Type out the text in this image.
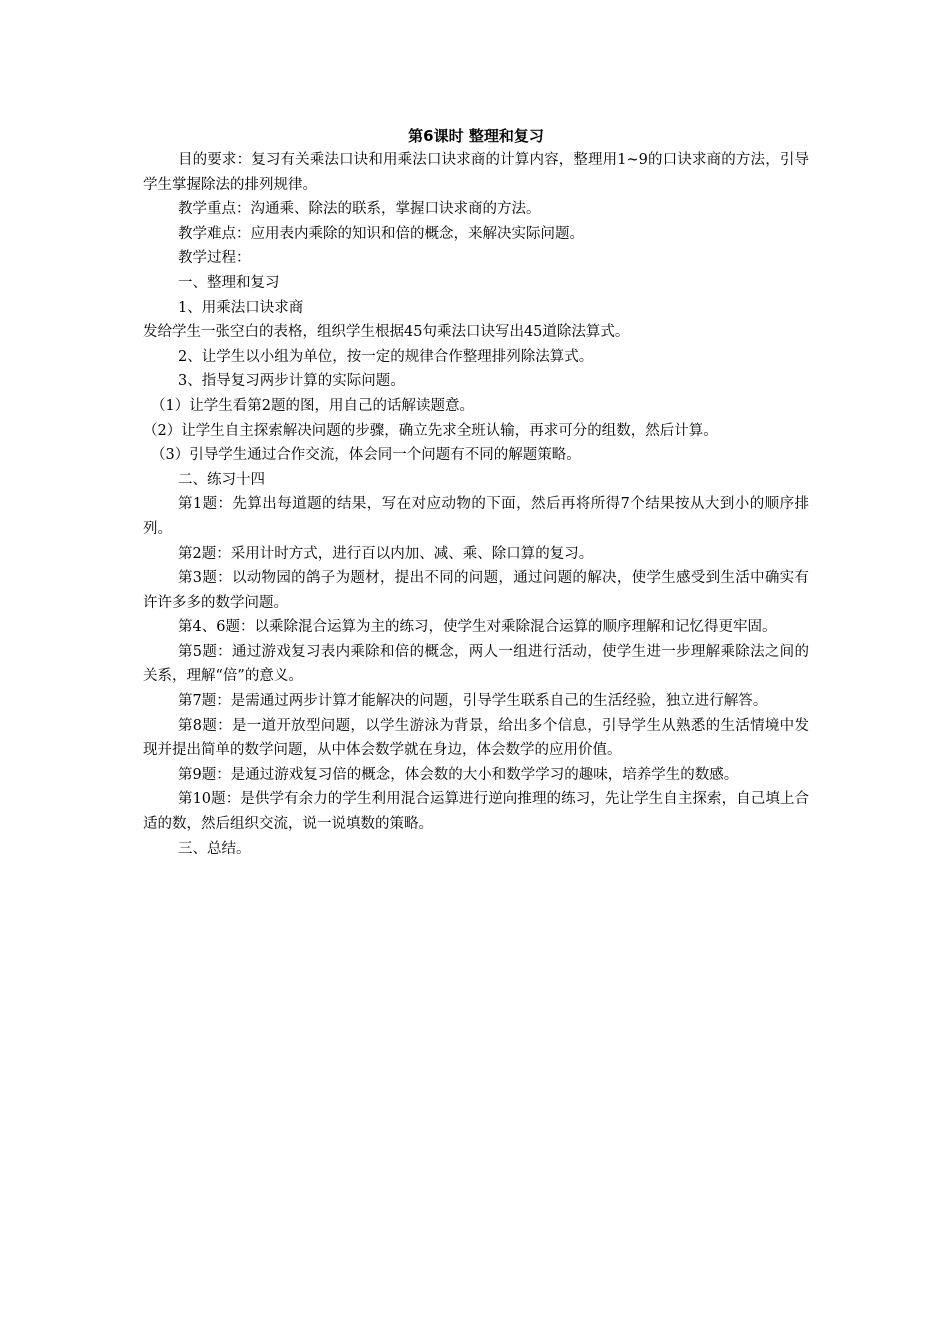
第6课时 整理和复习

目的要求：复习有关乘法口诀和用乘法口诀求商的计算内容，整理用1~9的口诀求商的方法，引导学生掌握除法的排列规律。

教学重点：沟通乘、除法的联系，掌握口诀求商的方法。

教学难点：应用表内乘除的知识和倍的概念，来解决实际问题。

教学过程：

一、整理和复习

1、用乘法口诀求商

发给学生一张空白的表格，组织学生根据45句乘法口诀写出45道除法算式。

2、让学生以小组为单位，按一定的规律合作整理排列除法算式。

3、指导复习两步计算的实际问题。

（1）让学生看第2题的图，用自己的话解读题意。

（2）让学生自主探索解决问题的步骤，确立先求全班认输，再求可分的组数，然后计算。

（3）引导学生通过合作交流，体会同一个问题有不同的解题策略。

二、练习十四

第1题：先算出每道题的结果，写在对应动物的下面，然后再将所得7个结果按从大到小的顺序排列。

第2题：采用计时方式，进行百以内加、减、乘、除口算的复习。

第3题：以动物园的鸽子为题材，提出不同的问题，通过问题的解决，使学生感受到生活中确实有许许多多的数学问题。

第4、6题：以乘除混合运算为主的练习，使学生对乘除混合运算的顺序理解和记忆得更牢固。

第5题：通过游戏复习表内乘除和倍的概念，两人一组进行活动，使学生进一步理解乘除法之间的关系，理解“倍”的意义。

第7题：是需通过两步计算才能解决的问题，引导学生联系自己的生活经验，独立进行解答。

第8题：是一道开放型问题，以学生游泳为背景，给出多个信息，引导学生从熟悉的生活情境中发现并提出简单的数学问题，从中体会数学就在身边，体会数学的应用价值。

第9题：是通过游戏复习倍的概念，体会数的大小和数学学习的趣味，培养学生的数感。

第10题：是供学有余力的学生利用混合运算进行逆向推理的练习，先让学生自主探索，自己填上合适的数，然后组织交流，说一说填数的策略。

三、总结。
